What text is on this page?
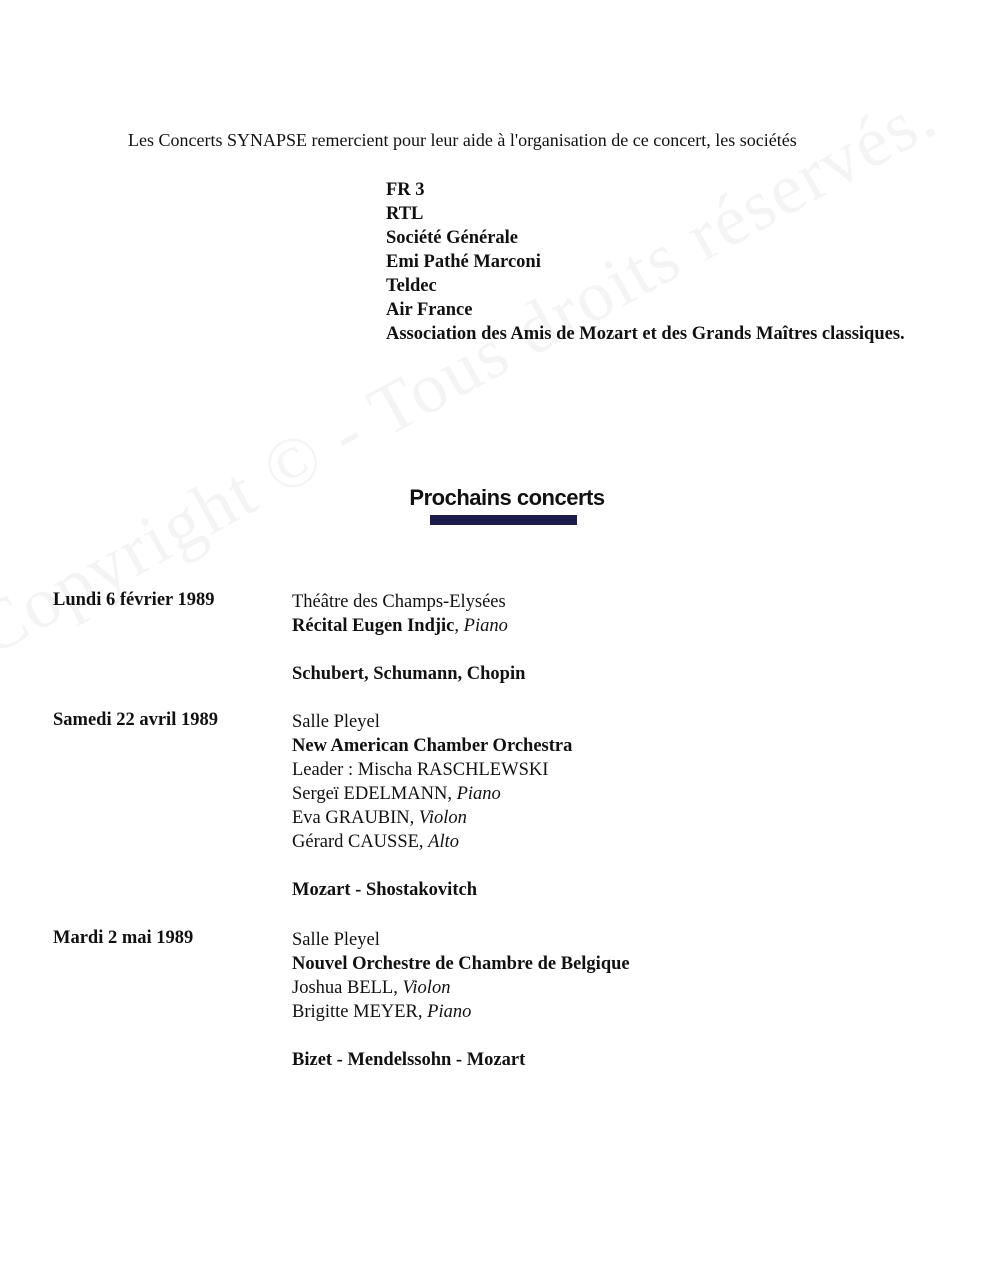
Les Concerts SYNAPSE remercient pour leur aide à l'organisation de ce concert, les sociétés
FR 3
RTL
Société Générale
Emi Pathé Marconi
Teldec
Air France
Association des Amis de Mozart et des Grands Maîtres classiques.
Prochains concerts
Lundi 6 février 1989	Théâtre des Champs-Elysées
Récital Eugen Indjic, Piano
Schubert, Schumann, Chopin
Samedi 22 avril 1989	Salle Pleyel
New American Chamber Orchestra
Leader : Mischa RASCHLEWSKI
Sergeï EDELMANN, Piano
Eva GRAUBIN, Violon
Gérard CAUSSE, Alto
Mozart - Shostakovitch
Mardi 2 mai 1989	Salle Pleyel
Nouvel Orchestre de Chambre de Belgique
Joshua BELL, Violon
Brigitte MEYER, Piano
Bizet - Mendelssohn - Mozart
